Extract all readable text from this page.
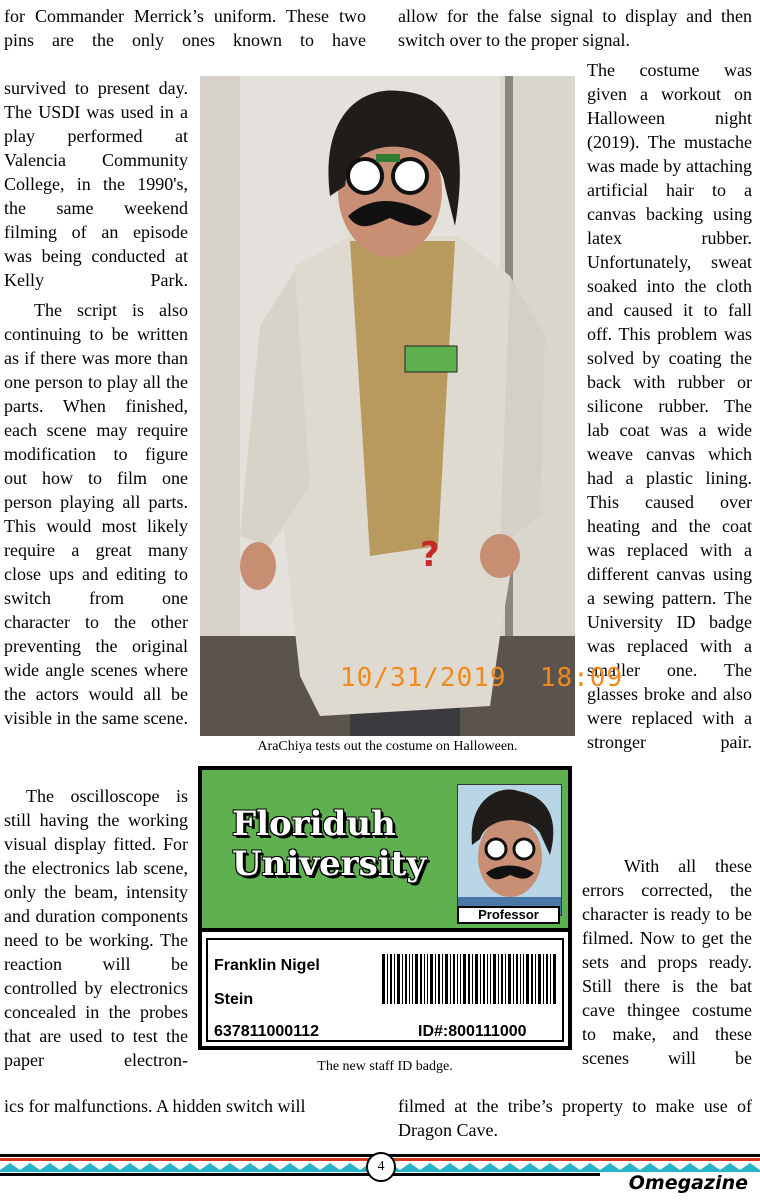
for Commander Merrick’s uniform. These two pins are the only ones known to have

allow for the false signal to display and then switch over to the proper signal.

survived to present day. The USDI was used in a play performed at Valencia Community College, in the 1990's, the same weekend filming of an episode was being conducted at Kelly Park.

The script is also continuing to be written as if there was more than one person to play all the parts. When finished, each scene may require modification to figure out how to film one person playing all parts. This would most likely require a great many close ups and editing to switch from one character to the other preventing the original wide angle scenes where the actors would all be visible in the same scene.

The oscilloscope is still having the working visual display fitted. For the electronics lab scene, only the beam, intensity and duration components need to be working. The reaction will be controlled by electronics concealed in the probes that are used to test the paper electron-

ics for malfunctions. A hidden switch will

The costume was given a workout on Halloween night (2019). The mustache was made by attaching artificial hair to a canvas backing using latex rubber. Unfortunately, sweat soaked into the cloth and caused it to fall off. This problem was solved by coating the back with rubber or silicone rubber. The lab coat was a wide weave canvas which had a plastic lining. This caused over heating and the coat was replaced with a different canvas using a sewing pattern. The University ID badge was replaced with a smaller one. The glasses broke and also were replaced with a stronger pair.

With all these errors corrected, the character is ready to be filmed. Now to get the sets and props ready. Still there is the bat cave thingee costume to make, and these scenes will be

filmed at the tribe’s property to make use of Dragon Cave.

?
10/31/2019  18:09
AraChiya tests out the costume on Halloween.
Floriduh
University
Professor
Franklin Nigel
Stein
637811000112	ID#:800111000
The new staff ID badge.
4
Omegazine
